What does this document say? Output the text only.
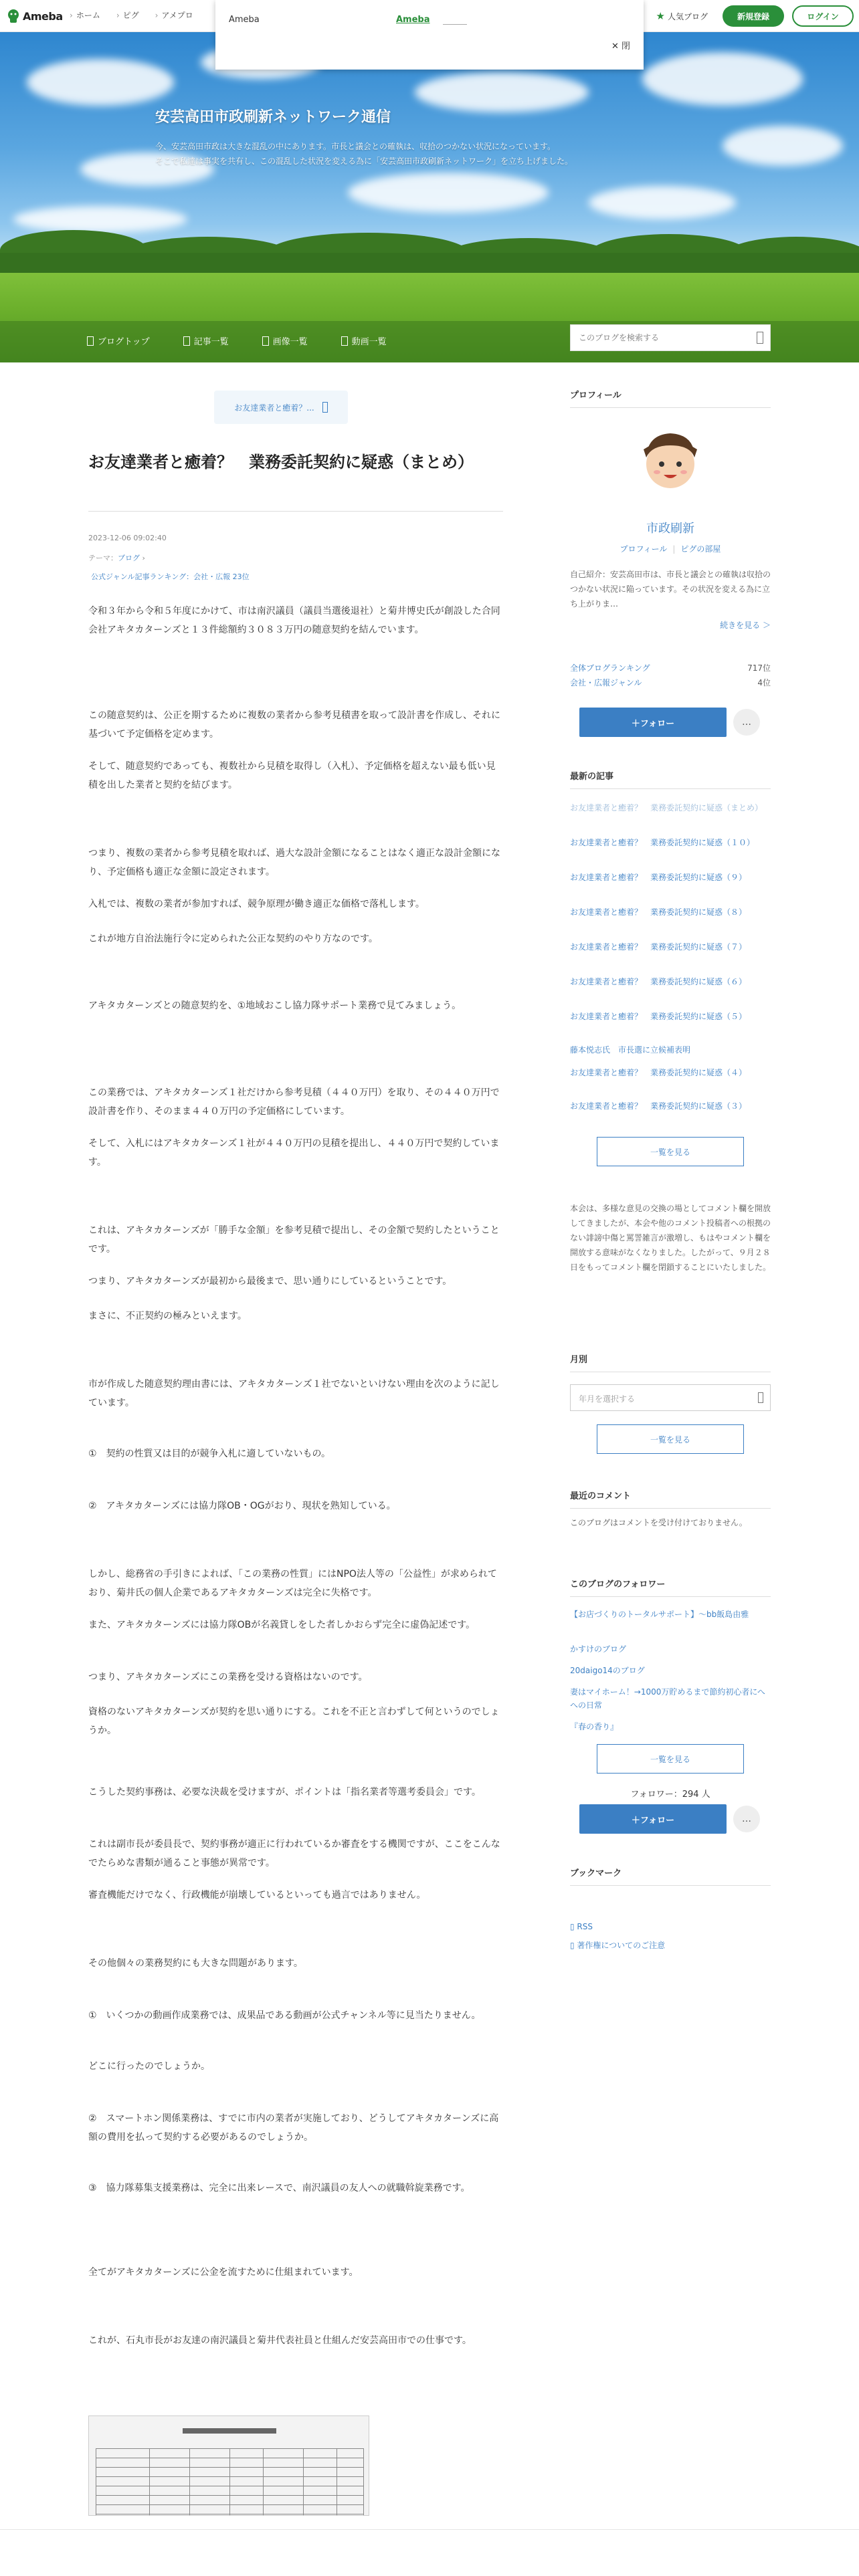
Ameba	› ホーム	› ピグ	› アメプロ	★ 人気ブログ	新規登録	ログイン
Ameba	Ameba
✕ 閉
安芸高田市政刷新ネットワーク通信
今、安芸高田市政は大きな混乱の中にあります。市長と議会との確執は、収拾のつかない状況になっています。
そこで私達は事実を共有し、この混乱した状況を変える為に「安芸高田市政刷新ネットワーク」を立ち上げました。
ブログトップ	記事一覧	画像一覧	動画一覧
このブログを検索する
お友達業者と癒着？...
お友達業者と癒着？　業務委託契約に疑惑（まとめ）
2023-12-06 09:02:40
テーマ：ブログ ›
公式ジャンル記事ランキング：会社・広報 23位

令和３年から令和５年度にかけて、市は南沢議員（議員当選後退社）と菊井博史氏が創設した合同会社アキタカターンズと１３件総額約３０８３万円の随意契約を結んでいます。

この随意契約は、公正を期するために複数の業者から参考見積書を取って設計書を作成し、それに基づいて予定価格を定めます。

そして、随意契約であっても、複数社から見積を取得し（入札）、予定価格を超えない最も低い見積を出した業者と契約を結びます。

つまり、複数の業者から参考見積を取れば、過大な設計金額になることはなく適正な設計金額になり、予定価格も適正な金額に設定されます。

入札では、複数の業者が参加すれば、競争原理が働き適正な価格で落札します。

これが地方自治法施行令に定められた公正な契約のやり方なのです。

アキタカターンズとの随意契約を、①地域おこし協力隊サポート業務で見てみましょう。

この業務では、アキタカターンズ１社だけから参考見積（４４０万円）を取り、その４４０万円で設計書を作り、そのまま４４０万円の予定価格にしています。

そして、入札にはアキタカターンズ１社が４４０万円の見積を提出し、４４０万円で契約しています。

これは、アキタカターンズが「勝手な金額」を参考見積で提出し、その金額で契約したということです。

つまり、アキタカターンズが最初から最後まで、思い通りにしているということです。

まさに、不正契約の極みといえます。

市が作成した随意契約理由書には、アキタカターンズ１社でないといけない理由を次のように記しています。

①　契約の性質又は目的が競争入札に適していないもの。

②　アキタカターンズには協力隊OB・OGがおり、現状を熟知している。

しかし、総務省の手引きによれば、「この業務の性質」にはNPO法人等の「公益性」が求められており、菊井氏の個人企業であるアキタカターンズは完全に失格です。

また、アキタカターンズには協力隊OBが名義貸しをした者しかおらず完全に虚偽記述です。

つまり、アキタカターンズにこの業務を受ける資格はないのです。

資格のないアキタカターンズが契約を思い通りにする。これを不正と言わずして何というのでしょうか。

こうした契約事務は、必要な決裁を受けますが、ポイントは「指名業者等選考委員会」です。

これは副市長が委員長で、契約事務が適正に行われているか審査をする機関ですが、ここをこんなでたらめな書類が通ること事態が異常です。

審査機能だけでなく、行政機能が崩壊しているといっても過言ではありません。

その他個々の業務契約にも大きな問題があります。

①　いくつかの動画作成業務では、成果品である動画が公式チャンネル等に見当たりません。

どこに行ったのでしょうか。

②　スマートホン関係業務は、すでに市内の業者が実施しており、どうしてアキタカターンズに高額の費用を払って契約する必要があるのでしょうか。

③　協力隊募集支援業務は、完全に出来レースで、南沢議員の友人への就職斡旋業務です。

全てがアキタカターンズに公金を流すために仕組まれています。

これが、石丸市長がお友達の南沢議員と菊井代表社員と仕組んだ安芸高田市での仕事です。

プロフィール
市政刷新
プロフィール | ピグの部屋
自己紹介：安芸高田市は、市長と議会との確執は収拾のつかない状況に陥っています。その状況を変える為に立ち上がりま…
続きを見る ＞
全体ブログランキング	717位
会社・広報ジャンル	4位
＋フォロー	…
最新の記事
お友達業者と癒着？　業務委託契約に疑惑（まとめ）
お友達業者と癒着？　業務委託契約に疑惑（１０）
お友達業者と癒着？　業務委託契約に疑惑（９）
お友達業者と癒着？　業務委託契約に疑惑（８）
お友達業者と癒着？　業務委託契約に疑惑（７）
お友達業者と癒着？　業務委託契約に疑惑（６）
お友達業者と癒着？　業務委託契約に疑惑（５）
藤本悦志氏　市長選に立候補表明
お友達業者と癒着？　業務委託契約に疑惑（４）
お友達業者と癒着？　業務委託契約に疑惑（３）
一覧を見る
本会は、多様な意見の交換の場としてコメント欄を開放してきましたが、本会や他のコメント投稿者への根拠のない誹謗中傷と罵詈雑言が激増し、もはやコメント欄を開放する意味がなくなりました。したがって、９月２８日をもってコメント欄を閉鎖することにいたしました。
月別
年月を選択する
一覧を見る
最近のコメント
このブログはコメントを受け付けておりません。
このブログのフォロワー
【お店づくりのトータルサポート】～bb飯島由雅
かすけのブログ
20daigo14のブログ
妻はマイホーム！→1000万貯めるまで節約初心者にへへの日常
『春の香り』
一覧を見る
フォロワー：294 人
＋フォロー	…
ブックマーク
▯ RSS
▯ 著作権についてのご注意
